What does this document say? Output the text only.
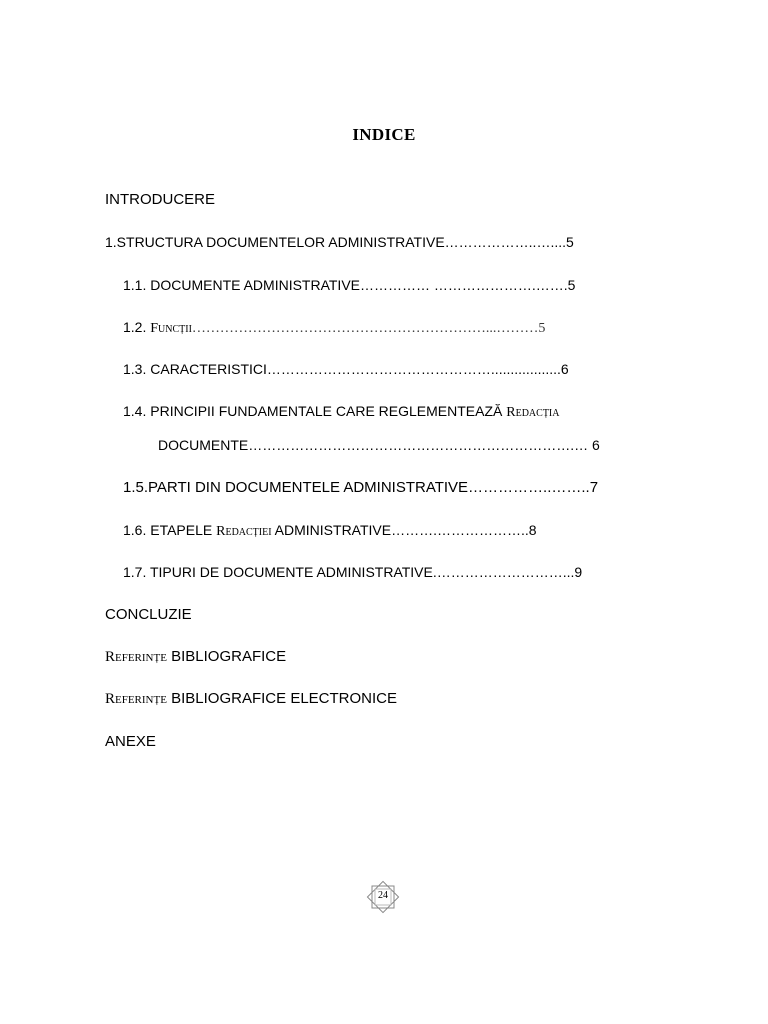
INDICE
INTRODUCERE
1.STRUCTURA DOCUMENTELOR ADMINISTRATIVE………………..…....5
1.1. DOCUMENTE ADMINISTRATIVE…………… ………………….…….5
1.2. Funcții………………………………………………………...………5
1.3. CARACTERISTICI…………………………………………..................6
1.4. PRINCIPII FUNDAMENTALE CARE REGLEMENTEAZĂ Redacția
DOCUMENTE…………………………………………………………….… 6
1.5.PARTI DIN DOCUMENTELE ADMINISTRATIVE……………..……..7
1.6. ETAPELE Redacției ADMINISTRATIVE……….………………..8
1.7. TIPURI DE DOCUMENTE ADMINISTRATIVE.………………………...9
CONCLUZIE
Referințe BIBLIOGRAFICE
Referințe BIBLIOGRAFICE ELECTRONICE
ANEXE
24
